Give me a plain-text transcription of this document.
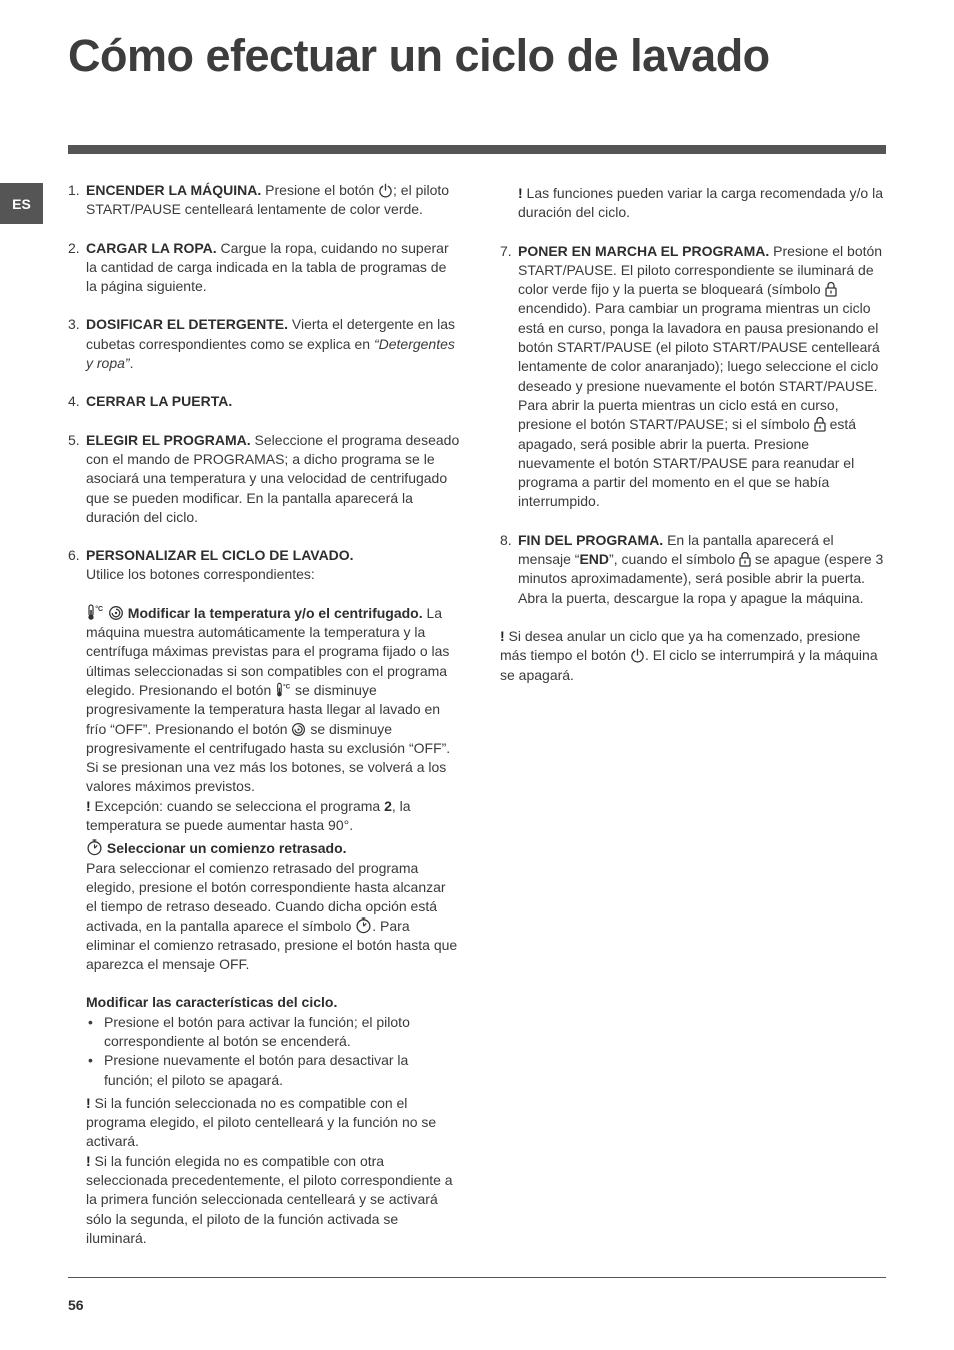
Cómo efectuar un ciclo de lavado
ES
1. ENCENDER LA MÁQUINA. Presione el botón
; el piloto START/PAUSE centelleará lentamente de color verde.
2. CARGAR LA ROPA. Cargue la ropa, cuidando no superar la cantidad de carga indicada en la tabla de programas de la página siguiente.
3. DOSIFICAR EL DETERGENTE. Vierta el detergente en las cubetas correspondientes como se explica en “Detergentes y ropa”.
4. CERRAR LA PUERTA.
5. ELEGIR EL PROGRAMA. Seleccione el programa deseado con el mando de PROGRAMAS; a dicho programa se le asociará una temperatura y una velocidad de centrifugado que se pueden modificar. En la pantalla aparecerá la duración del ciclo.
6. PERSONALIZAR EL CICLO DE LAVADO.

Utilice los botones correspondientes:

°C
Modificar la temperatura y/o el centrifugado. La máquina muestra automáticamente la temperatura y la centrífuga máximas previstas para el programa fijado o las últimas seleccionadas si son compatibles con el programa elegido. Presionando el botón °C se disminuye progresivamente la temperatura hasta llegar al lavado en frío “OFF”. Presionando el botón
se disminuye progresivamente el centrifugado hasta su exclusión “OFF”. Si se presionan una vez más los botones, se volverá a los valores máximos previstos.

! Excepción: cuando se selecciona el programa 2, la temperatura se puede aumentar hasta 90°.

Seleccionar un comienzo retrasado.
Para seleccionar el comienzo retrasado del programa elegido, presione el botón correspondiente hasta alcanzar el tiempo de retraso deseado. Cuando dicha opción está activada, en la pantalla aparece el símbolo
. Para eliminar el comienzo retrasado, presione el botón hasta que aparezca el mensaje OFF.

Modificar las características del ciclo.

• Presione el botón para activar la función; el piloto correspondiente al botón se encenderá.
• Presione nuevamente el botón para desactivar la función; el piloto se apagará.

! Si la función seleccionada no es compatible con el programa elegido, el piloto centelleará y la función no se activará.

! Si la función elegida no es compatible con otra seleccionada precedentemente, el piloto correspondiente a la primera función seleccionada centelleará y se activará sólo la segunda, el piloto de la función activada se iluminará.

! Las funciones pueden variar la carga recomendada y/o la duración del ciclo.

7. PONER EN MARCHA EL PROGRAMA. Presione el botón START/PAUSE. El piloto correspondiente se iluminará de color verde fijo y la puerta se bloqueará (símbolo
encendido). Para cambiar un programa mientras un ciclo está en curso, ponga la lavadora en pausa presionando el botón START/PAUSE (el piloto START/PAUSE centelleará lentamente de color anaranjado); luego seleccione el ciclo deseado y presione nuevamente el botón START/PAUSE.
Para abrir la puerta mientras un ciclo está en curso, presione el botón START/PAUSE; si el símbolo
está apagado, será posible abrir la puerta. Presione nuevamente el botón START/PAUSE para reanudar el programa a partir del momento en el que se había interrumpido.
8. FIN DEL PROGRAMA. En la pantalla aparecerá el mensaje “END”, cuando el símbolo
se apague (espere 3 minutos aproximadamente), será posible abrir la puerta. Abra la puerta, descargue la ropa y apague la máquina.

! Si desea anular un ciclo que ya ha comenzado, presione más tiempo el botón
. El ciclo se interrumpirá y la máquina se apagará.

56
